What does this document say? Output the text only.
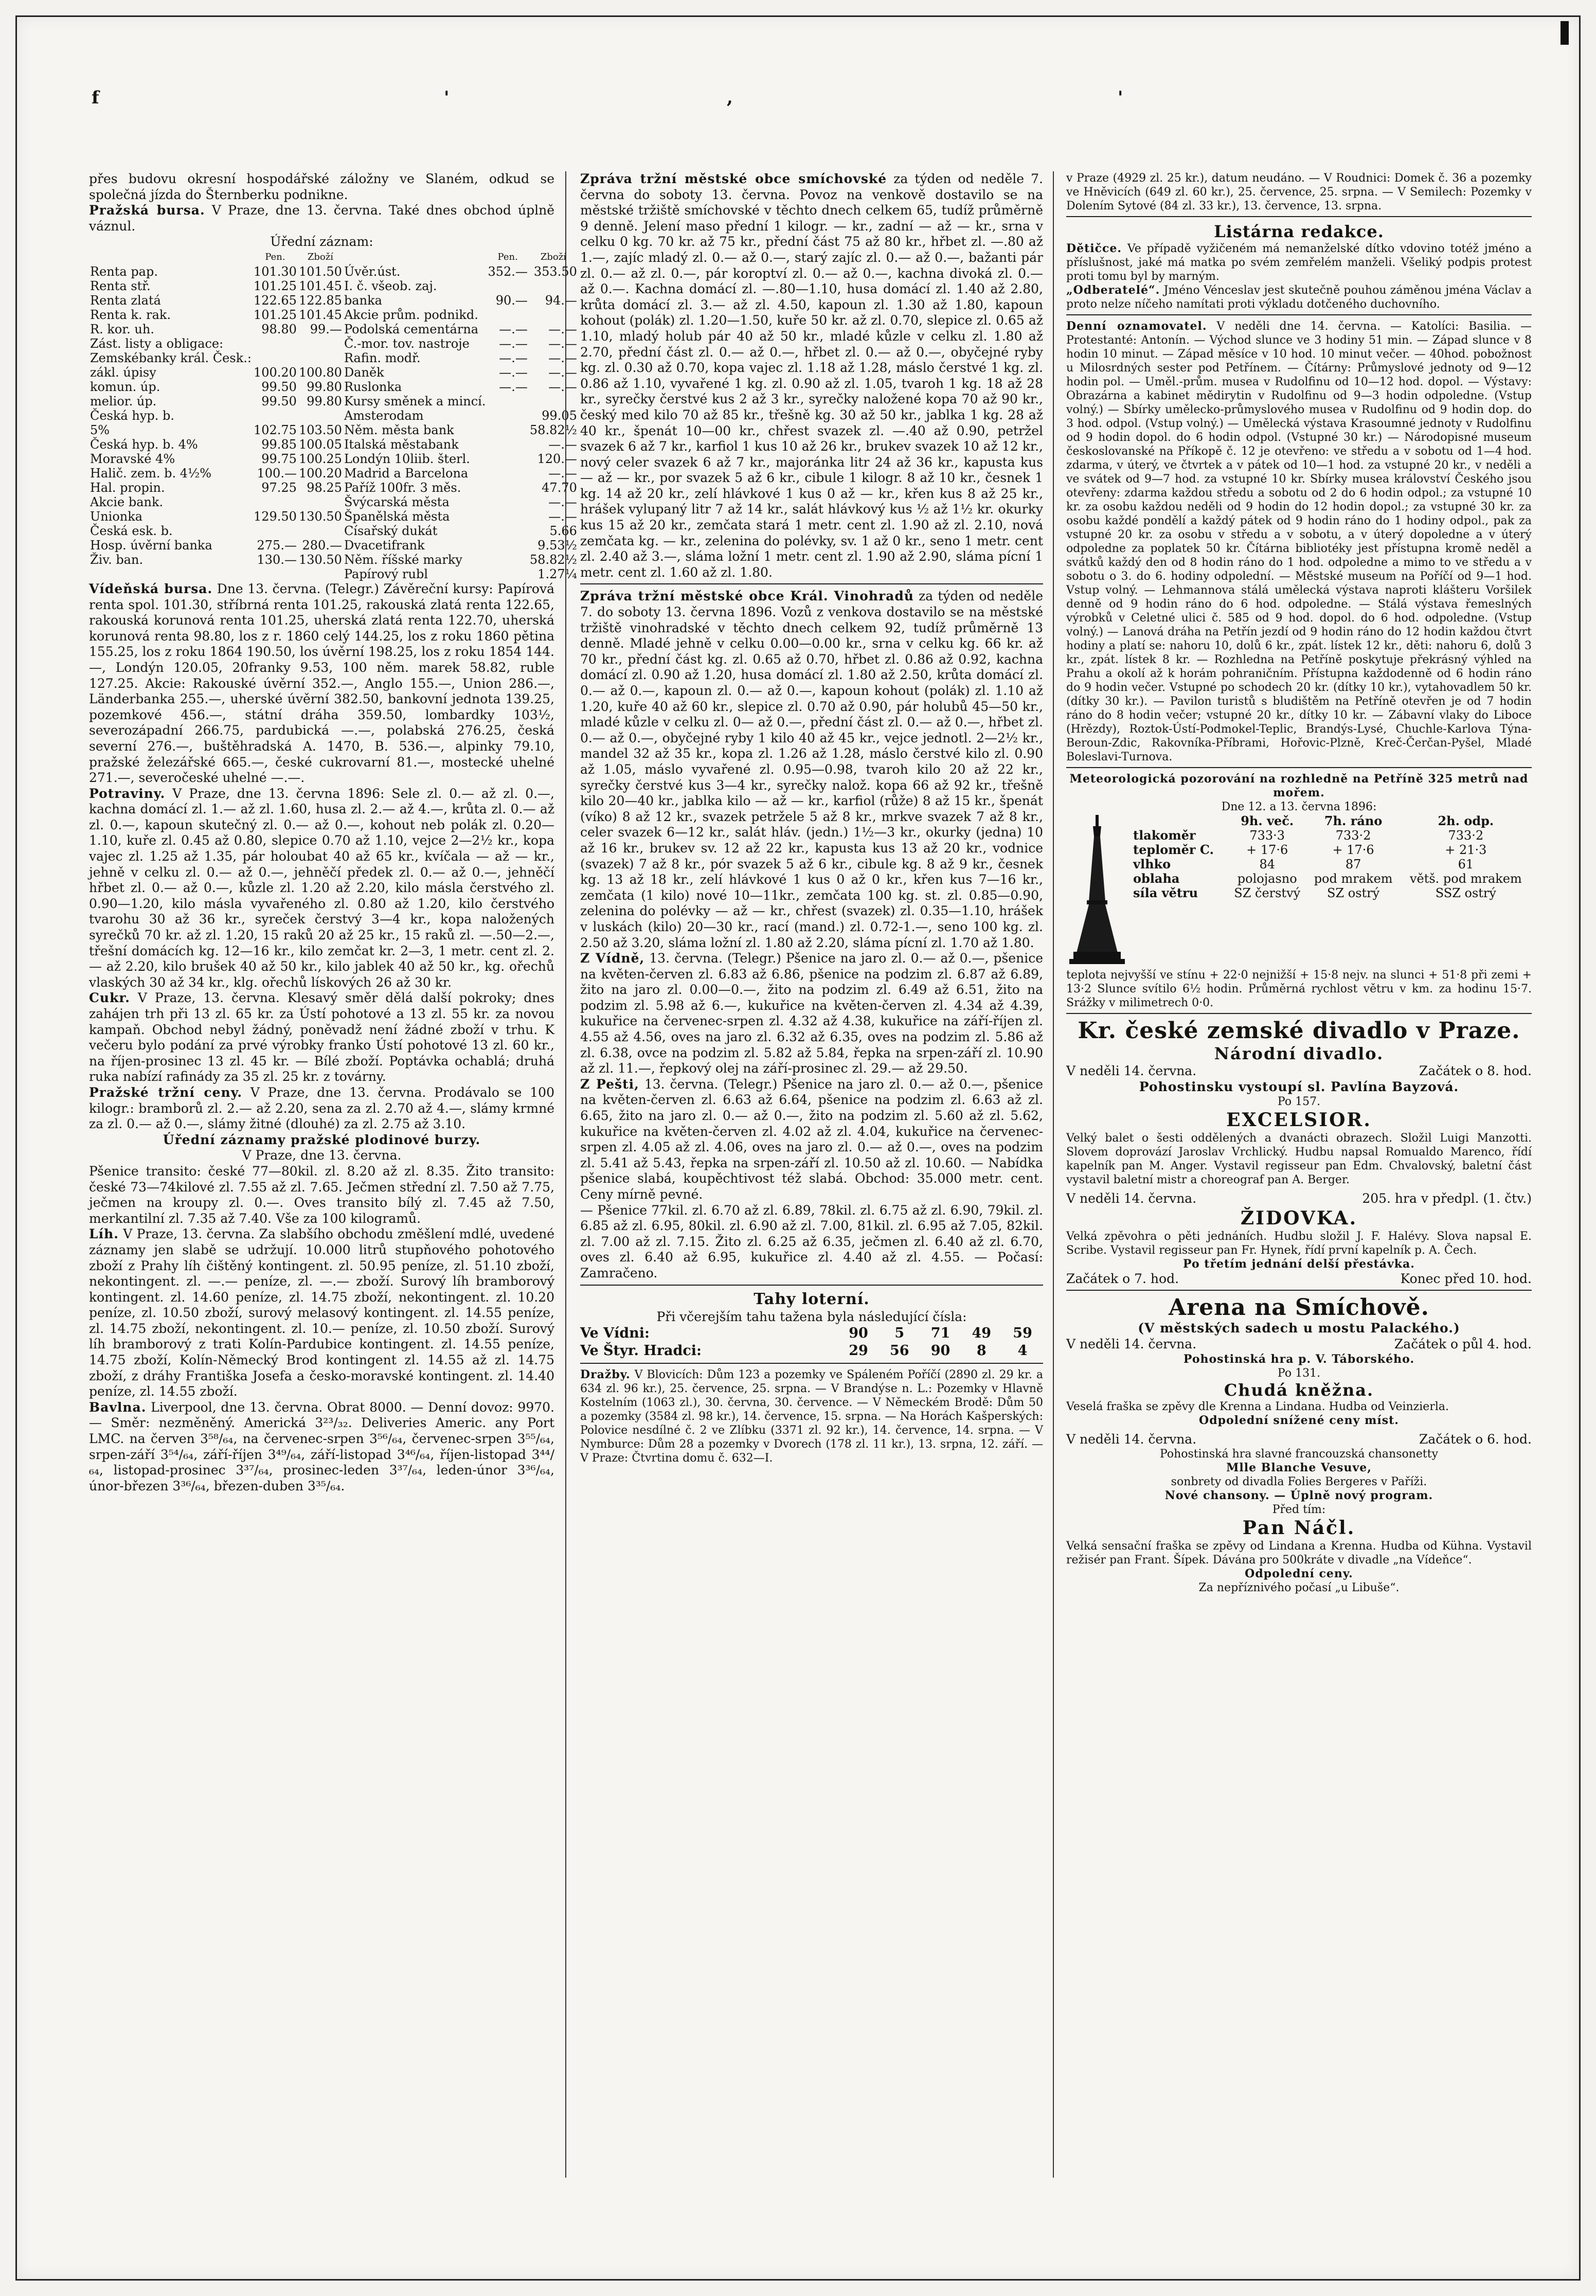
f	'	,	'

přes budovu okresní hospodářské záložny ve Slaném, odkud se společná jízda do Šternberku podnikne.

Pražská bursa. V Praze, dne 13. června. Také dnes obchod úplně váznul.

Úřední záznam:

	Pen.	Zboží		Pen.	Zboží
Renta pap.	101.30	101.50	Úvěr.úst.	352.—	353.50
Renta stř.	101.25	101.45	I. č. všeob. zaj.		
Renta zlatá	122.65	122.85	banka	90.—	94.—
Renta k. rak.	101.25	101.45	Akcie prům. podnikd.		
R. kor. uh.	98.80	99.—	Podolská cementárna	—.—	—.—
Zást. listy a obligace:			Č.-mor. tov. nastroje	—.—	—.—
Zemskébanky král. Česk.:			Rafin. modř.	—.—	—.—
zákl. úpisy	100.20	100.80	Daněk	—.—	—.—
komun. úp.	99.50	99.80	Ruslonka	—.—	—.—
melior. úp.	99.50	99.80	Kursy směnek a mincí.		
Česká hyp. b.			Amsterodam		99.05
5%	102.75	103.50	Něm. města bank		58.82½
Česká hyp. b. 4%	99.85	100.05	Italská městabank		—.—
Moravské 4%	99.75	100.25	Londýn 10liib. šterl.		120.—
Halič. zem. b. 4½%	100.—	100.20	Madrid a Barcelona		—.—
Hal. propin.	97.25	98.25	Paříž 100fr. 3 měs.		47.70
Akcie bank.			Švýcarská města		—.—
Unionka	129.50	130.50	Španělská města		—.—
Česká esk. b.			Císařský dukát		5.66
Hosp. úvěrní banka	275.—	280.—	Dvacetifrank		9.53½
Živ. ban.	130.—	130.50	Něm. říšské marky		58.82½
			Papírový rubl		1.27¼

Vídeňská bursa. Dne 13. června. (Telegr.) Závěreční kursy: Papírová renta spol. 101.30, stříbrná renta 101.25, rakouská zlatá renta 122.65, rakouská korunová renta 101.25, uherská zlatá renta 122.70, uherská korunová renta 98.80, los z r. 1860 celý 144.25, los z roku 1860 pětina 155.25, los z roku 1864 190.50, los úvěrní 198.25, los z roku 1854 144.—, Londýn 120.05, 20franky 9.53, 100 něm. marek 58.82, ruble 127.25. Akcie: Rakouské úvěrní 352.—, Anglo 155.—, Union 286.—, Länderbanka 255.—, uherské úvěrní 382.50, bankovní jednota 139.25, pozemkové 456.—, státní dráha 359.50, lombardky 103½, severozápadní 266.75, pardubická —.—, polabská 276.25, česká severní 276.—, buštěhradská A. 1470, B. 536.—, alpinky 79.10, pražské železářské 665.—, české cukrovarní 81.—, mostecké uhelné 271.—, severočeské uhelné —.—.

Potraviny. V Praze, dne 13. června 1896: Sele zl. 0.— až zl. 0.—, kachna domácí zl. 1.— až zl. 1.60, husa zl. 2.— až 4.—, krůta zl. 0.— až zl. 0.—, kapoun skutečný zl. 0.— až 0.—, kohout neb polák zl. 0.20—1.10, kuře zl. 0.45 až 0.80, slepice 0.70 až 1.10, vejce 2—2½ kr., kopa vajec zl. 1.25 až 1.35, pár holoubat 40 až 65 kr., kvíčala — až — kr., jehně v celku zl. 0.— až 0.—, jehněčí předek zl. 0.— až 0.—, jehněčí hřbet zl. 0.— až 0.—, kůzle zl. 1.20 až 2.20, kilo másla čerstvého zl. 0.90—1.20, kilo másla vyvařeného zl. 0.80 až 1.20, kilo čerstvého tvarohu 30 až 36 kr., syreček čerstvý 3—4 kr., kopa naložených syrečků 70 kr. až zl. 1.20, 15 raků 20 až 25 kr., 15 raků zl. —.50—2.—, třešní domácích kg. 12—16 kr., kilo zemčat kr. 2—3, 1 metr. cent zl. 2.— až 2.20, kilo brušek 40 až 50 kr., kilo jablek 40 až 50 kr., kg. ořechů vlaských 30 až 34 kr., klg. ořechů lískových 26 až 30 kr.

Cukr. V Praze, 13. června. Klesavý směr dělá další pokroky; dnes zahájen trh při 13 zl. 65 kr. za Ústí pohotové a 13 zl. 55 kr. za novou kampaň. Obchod nebyl žádný, poněvadž není žádné zboží v trhu. K večeru bylo podání za prvé výrobky franko Ústí pohotové 13 zl. 60 kr., na říjen-prosinec 13 zl. 45 kr. — Bílé zboží. Poptávka ochablá; druhá ruka nabízí rafinády za 35 zl. 25 kr. z továrny.

Pražské tržní ceny. V Praze, dne 13. června. Prodávalo se 100 kilogr.: bramborů zl. 2.— až 2.20, sena za zl. 2.70 až 4.—, slámy krmné za zl. 0.— až 0.—, slámy žitné (dlouhé) za zl. 2.75 až 3.10.

Úřední záznamy pražské plodinové burzy.

V Praze, dne 13. června.

Pšenice transito: české 77—80kil. zl. 8.20 až zl. 8.35. Žito transito: české 73—74kilové zl. 7.55 až zl. 7.65. Ječmen střední zl. 7.50 až 7.75, ječmen na kroupy zl. 0.—. Oves transito bílý zl. 7.45 až 7.50, merkantilní zl. 7.35 až 7.40. Vše za 100 kilogramů.

Líh. V Praze, 13. června. Za slabšího obchodu změšlení mdlé, uvedené záznamy jen slabě se udržují. 10.000 litrů stupňového pohotového zboží z Prahy líh čištěný kontingent. zl. 50.95 peníze, zl. 51.10 zboží, nekontingent. zl. —.— peníze, zl. —.— zboží. Surový líh bramborový kontingent. zl. 14.60 peníze, zl. 14.75 zboží, nekontingent. zl. 10.20 peníze, zl. 10.50 zboží, surový melasový kontingent. zl. 14.55 peníze, zl. 14.75 zboží, nekontingent. zl. 10.— peníze, zl. 10.50 zboží. Surový líh bramborový z trati Kolín-Pardubice kontingent. zl. 14.55 peníze, 14.75 zboží, Kolín-Německý Brod kontingent zl. 14.55 až zl. 14.75 zboží, z dráhy Františka Josefa a česko-moravské kontingent. zl. 14.40 peníze, zl. 14.55 zboží.

Bavlna. Liverpool, dne 13. června. Obrat 8000. — Denní dovoz: 9970. — Směr: nezměněný. Americká 3²³/₃₂. Deliveries Americ. any Port LMC. na červen 3⁵⁸/₆₄, na červenec-srpen 3⁵⁶/₆₄, červenec-srpen 3⁵⁵/₆₄, srpen-září 3⁵⁴/₆₄, září-říjen 3⁴⁹/₆₄, září-listopad 3⁴⁶/₆₄, říjen-listopad 3⁴⁴/₆₄, listopad-prosinec 3³⁷/₆₄, prosinec-leden 3³⁷/₆₄, leden-únor 3³⁶/₆₄, únor-březen 3³⁶/₆₄, březen-duben 3³⁵/₆₄.

Zpráva tržní městské obce smíchovské za týden od neděle 7. června do soboty 13. června. Povoz na venkově dostavilo se na městské tržiště smíchovské v těchto dnech celkem 65, tudíž průměrně 9 denně. Jelení maso přední 1 kilogr. — kr., zadní — až — kr., srna v celku 0 kg. 70 kr. až 75 kr., přední část 75 až 80 kr., hřbet zl. —.80 až 1.—, zajíc mladý zl. 0.— až 0.—, starý zajíc zl. 0.— až 0.—, bažanti pár zl. 0.— až zl. 0.—, pár koroptví zl. 0.— až 0.—, kachna divoká zl. 0.— až 0.—. Kachna domácí zl. —.80—1.10, husa domácí zl. 1.40 až 2.80, krůta domácí zl. 3.— až zl. 4.50, kapoun zl. 1.30 až 1.80, kapoun kohout (polák) zl. 1.20—1.50, kuře 50 kr. až zl. 0.70, slepice zl. 0.65 až 1.10, mladý holub pár 40 až 50 kr., mladé kůzle v celku zl. 1.80 až 2.70, přední část zl. 0.— až 0.—, hřbet zl. 0.— až 0.—, obyčejné ryby kg. zl. 0.30 až 0.70, kopa vajec zl. 1.18 až 1.28, máslo čerstvé 1 kg. zl. 0.86 až 1.10, vyvařené 1 kg. zl. 0.90 až zl. 1.05, tvaroh 1 kg. 18 až 28 kr., syrečky čerstvé kus 2 až 3 kr., syrečky naložené kopa 70 až 90 kr., český med kilo 70 až 85 kr., třešně kg. 30 až 50 kr., jablka 1 kg. 28 až 40 kr., špenát 10—00 kr., chřest svazek zl. —.40 až 0.90, petržel svazek 6 až 7 kr., karfiol 1 kus 10 až 26 kr., brukev svazek 10 až 12 kr., nový celer svazek 6 až 7 kr., majoránka litr 24 až 36 kr., kapusta kus — až — kr., por svazek 5 až 6 kr., cibule 1 kilogr. 8 až 10 kr., česnek 1 kg. 14 až 20 kr., zelí hlávkové 1 kus 0 až — kr., křen kus 8 až 25 kr., hrášek vylupaný litr 7 až 14 kr., salát hlávkový kus ½ až 1½ kr. okurky kus 15 až 20 kr., zemčata stará 1 metr. cent zl. 1.90 až zl. 2.10, nová zemčata kg. — kr., zelenina do polévky, sv. 1 až 0 kr., seno 1 metr. cent zl. 2.40 až 3.—, sláma ložní 1 metr. cent zl. 1.90 až 2.90, sláma pícní 1 metr. cent zl. 1.60 až zl. 1.80.

Zpráva tržní městské obce Král. Vinohradů za týden od neděle 7. do soboty 13. června 1896. Vozů z venkova dostavilo se na městské tržiště vinohradské v těchto dnech celkem 92, tudíž průměrně 13 denně. Mladé jehně v celku 0.00—0.00 kr., srna v celku kg. 66 kr. až 70 kr., přední část kg. zl. 0.65 až 0.70, hřbet zl. 0.86 až 0.92, kachna domácí zl. 0.90 až 1.20, husa domácí zl. 1.80 až 2.50, krůta domácí zl. 0.— až 0.—, kapoun zl. 0.— až 0.—, kapoun kohout (polák) zl. 1.10 až 1.20, kuře 40 až 60 kr., slepice zl. 0.70 až 0.90, pár holubů 45—50 kr., mladé kůzle v celku zl. 0— až 0.—, přední část zl. 0.— až 0.—, hřbet zl. 0.— až 0.—, obyčejné ryby 1 kilo 40 až 45 kr., vejce jednotl. 2—2½ kr., mandel 32 až 35 kr., kopa zl. 1.26 až 1.28, máslo čerstvé kilo zl. 0.90 až 1.05, máslo vyvařené zl. 0.95—0.98, tvaroh kilo 20 až 22 kr., syrečky čerstvé kus 3—4 kr., syrečky nalož. kopa 66 až 92 kr., třešně kilo 20—40 kr., jablka kilo — až — kr., karfiol (růže) 8 až 15 kr., špenát (víko) 8 až 12 kr., svazek petržele 5 až 8 kr., mrkve svazek 7 až 8 kr., celer svazek 6—12 kr., salát hláv. (jedn.) 1½—3 kr., okurky (jedna) 10 až 16 kr., brukev sv. 12 až 22 kr., kapusta kus 13 až 20 kr., vodnice (svazek) 7 až 8 kr., pór svazek 5 až 6 kr., cibule kg. 8 až 9 kr., česnek kg. 13 až 18 kr., zelí hlávkové 1 kus 0 až 0 kr., křen kus 7—16 kr., zemčata (1 kilo) nové 10—11kr., zemčata 100 kg. st. zl. 0.85—0.90, zelenina do polévky — až — kr., chřest (svazek) zl. 0.35—1.10, hrášek v luskách (kilo) 20—30 kr., rací (mand.) zl. 0.72-1.—, seno 100 kg. zl. 2.50 až 3.20, sláma ložní zl. 1.80 až 2.20, sláma pícní zl. 1.70 až 1.80.

Z Vídně, 13. června. (Telegr.) Pšenice na jaro zl. 0.— až 0.—, pšenice na květen-červen zl. 6.83 až 6.86, pšenice na podzim zl. 6.87 až 6.89, žito na jaro zl. 0.00—0.—, žito na podzim zl. 6.49 až 6.51, žito na podzim zl. 5.98 až 6.—, kukuřice na květen-červen zl. 4.34 až 4.39, kukuřice na červenec-srpen zl. 4.32 až 4.38, kukuřice na září-říjen zl. 4.55 až 4.56, oves na jaro zl. 6.32 až 6.35, oves na podzim zl. 5.86 až zl. 6.38, ovce na podzim zl. 5.82 až 5.84, řepka na srpen-září zl. 10.90 až zl. 11.—, řepkový olej na září-prosinec zl. 29.— až 29.50.

Z Pešti, 13. června. (Telegr.) Pšenice na jaro zl. 0.— až 0.—, pšenice na květen-červen zl. 6.63 až 6.64, pšenice na podzim zl. 6.63 až zl. 6.65, žito na jaro zl. 0.— až 0.—, žito na podzim zl. 5.60 až zl. 5.62, kukuřice na květen-červen zl. 4.02 až zl. 4.04, kukuřice na červenec-srpen zl. 4.05 až zl. 4.06, oves na jaro zl. 0.— až 0.—, oves na podzim zl. 5.41 až 5.43, řepka na srpen-září zl. 10.50 až zl. 10.60. — Nabídka pšenice slabá, koupěchtivost též slabá. Obchod: 35.000 metr. cent. Ceny mírně pevné.

— Pšenice 77kil. zl. 6.70 až zl. 6.89, 78kil. zl. 6.75 až zl. 6.90, 79kil. zl. 6.85 až zl. 6.95, 80kil. zl. 6.90 až zl. 7.00, 81kil. zl. 6.95 až 7.05, 82kil. zl. 7.00 až zl. 7.15. Žito zl. 6.25 až 6.35, ječmen zl. 6.40 až zl. 6.70, oves zl. 6.40 až 6.95, kukuřice zl. 4.40 až zl. 4.55. — Počasí: Zamračeno.

Tahy loterní.

Při včerejším tahu tažena byla následující čísla:

Ve Vídni:	90	5	71	49	59
Ve Štyr. Hradci:	29	56	90	8	4

Dražby. V Blovicích: Dům 123 a pozemky ve Spáleném Poříčí (2890 zl. 29 kr. a 634 zl. 96 kr.), 25. července, 25. srpna. — V Brandýse n. L.: Pozemky v Hlavně Kostelním (1063 zl.), 30. června, 30. července. — V Německém Brodě: Dům 50 a pozemky (3584 zl. 98 kr.), 14. července, 15. srpna. — Na Horách Kašperských: Polovice nesdílné č. 2 ve Zlíbku (3371 zl. 92 kr.), 14. července, 14. srpna. — V Nymburce: Dům 28 a pozemky v Dvorech (178 zl. 11 kr.), 13. srpna, 12. září. — V Praze: Čtvrtina domu č. 632—I.

v Praze (4929 zl. 25 kr.), datum neudáno. — V Roudnici: Domek č. 36 a pozemky ve Hněvicích (649 zl. 60 kr.), 25. července, 25. srpna. — V Semilech: Pozemky v Dolením Sytové (84 zl. 33 kr.), 13. července, 13. srpna.

Listárna redakce.

Dětičce. Ve případě vyžičeném má nemanželské dítko vdovino totéž jméno a příslušnost, jaké má matka po svém zemřelém manželi. Všeliký podpis protest proti tomu byl by marným.

„Odberatelé“. Jméno Vénceslav jest skutečně pouhou záměnou jména Václav a proto nelze níčeho namítati proti výkladu dotčeného duchovního.

Denní oznamovatel. V neděli dne 14. června. — Katolíci: Basilia. — Protestanté: Antonín. — Východ slunce ve 3 hodiny 51 min. — Západ slunce v 8 hodin 10 minut. — Západ měsíce v 10 hod. 10 minut večer. — 40hod. pobožnost u Milosrdných sester pod Petřínem. — Čítárny: Průmyslové jednoty od 9—12 hodin pol. — Uměl.-prům. musea v Rudolfinu od 10—12 hod. dopol. — Výstavy: Obrazárna a kabinet mědirytin v Rudolfinu od 9—3 hodin odpoledne. (Vstup volný.) — Sbírky umělecko-průmyslového musea v Rudolfinu od 9 hodin dop. do 3 hod. odpol. (Vstup volný.) — Umělecká výstava Krasoumné jednoty v Rudolfinu od 9 hodin dopol. do 6 hodin odpol. (Vstupné 30 kr.) — Národopisné museum českoslovanské na Příkopě č. 12 je otevřeno: ve středu a v sobotu od 1—4 hod. zdarma, v úterý, ve čtvrtek a v pátek od 10—1 hod. za vstupné 20 kr., v neděli a ve svátek od 9—7 hod. za vstupné 10 kr. Sbírky musea království Českého jsou otevřeny: zdarma každou středu a sobotu od 2 do 6 hodin odpol.; za vstupné 10 kr. za osobu každou neděli od 9 hodin do 12 hodin dopol.; za vstupné 30 kr. za osobu každé pondělí a každý pátek od 9 hodin ráno do 1 hodiny odpol., pak za vstupné 20 kr. za osobu v středu a v sobotu, a v úterý dopoledne a v úterý odpoledne za poplatek 50 kr. Čítárna bibliotéky jest přístupna kromě neděl a svátků každý den od 8 hodin ráno do 1 hod. odpoledne a mimo to ve středu a v sobotu o 3. do 6. hodiny odpolední. — Městské museum na Poříčí od 9—1 hod. Vstup volný. — Lehmannova stálá umělecká výstava naproti klášteru Voršilek denně od 9 hodin ráno do 6 hod. odpoledne. — Stálá výstava řemeslných výrobků v Celetné ulici č. 585 od 9 hod. dopol. do 6 hod. odpoledne. (Vstup volný.) — Lanová dráha na Petřín jezdí od 9 hodin ráno do 12 hodin každou čtvrt hodiny a platí se: nahoru 10, dolů 6 kr., zpát. lístek 12 kr., děti: nahoru 6, dolů 3 kr., zpát. lístek 8 kr. — Rozhledna na Petříně poskytuje překrásný výhled na Prahu a okolí až k horám pohraničním. Přístupna každodenně od 6 hodin ráno do 9 hodin večer. Vstupné po schodech 20 kr. (dítky 10 kr.), vytahovadlem 50 kr. (dítky 30 kr.). — Pavilon turistů s bludištěm na Petříně otevřen je od 7 hodin ráno do 8 hodin večer; vstupné 20 kr., dítky 10 kr. — Zábavní vlaky do Liboce (Hrězdy), Roztok-Ústí-Podmokel-Teplic, Brandýs-Lysé, Chuchle-Karlova Týna-Beroun-Zdic, Rakovníka-Příbrami, Hořovic-Plzně, Kreč-Čerčan-Pyšel, Mladé Boleslavi-Turnova.

Meteorologická pozorování na rozhledně na Petříně 325 metrů nad mořem.

Dne 12. a 13. června 1896:

	9h. več.	7h. ráno	2h. odp.
tlakoměr	733·3	733·2	733·2
teploměr C.	+ 17·6	+ 17·6	+ 21·3
vlhko	84	87	61
oblaha	polojasno	pod mrakem	větš. pod mrakem
síla větru	SZ čerstvý	SZ ostrý	SSZ ostrý

teplota nejvyšší ve stínu + 22·0 nejnižší + 15·8 nejv. na slunci + 51·8 při zemi + 13·2 Slunce svítilo 6½ hodin. Průměrná rychlost větru v km. za hodinu 15·7. Srážky v milimetrech 0·0.

Kr. české zemské divadlo v Praze.

Národní divadlo.

V neděli 14. června.	Začátek o 8. hod.

Pohostinsku vystoupí sl. Pavlína Bayzová.

Po 157.

EXCELSIOR.

Velký balet o šesti oddělených a dvanácti obrazech. Složil Luigi Manzotti. Slovem doprovází Jaroslav Vrchlický. Hudbu napsal Romualdo Marenco, řídí kapelník pan M. Anger. Vystavil regisseur pan Edm. Chvalovský, baletní část vystavil baletní mistr a choreograf pan A. Berger.

V neděli 14. června.	205. hra v předpl. (1. čtv.)

ŽIDOVKA.

Velká zpěvohra o pěti jednáních. Hudbu složil J. F. Halévy. Slova napsal E. Scribe. Vystavil regisseur pan Fr. Hynek, řídí první kapelník p. A. Čech.

Po třetím jednání delší přestávka.

Začátek o 7. hod.	Konec před 10. hod.

Arena na Smíchově.

(V městských sadech u mostu Palackého.)

V neděli 14. června.	Začátek o půl 4. hod.

Pohostinská hra p. V. Táborského.

Po 131.

Chudá kněžna.

Veselá fraška se zpěvy dle Krenna a Lindana. Hudba od Veinzierla.

Odpolední snížené ceny míst.

V neděli 14. června.	Začátek o 6. hod.

Pohostinská hra slavné francouzská chansonetty

Mlle Blanche Vesuve,

sonbrety od divadla Folies Bergeres v Paříži.

Nové chansony. — Úplně nový program.

Před tím:

Pan Náčl.

Velká sensační fraška se zpěvy od Lindana a Krenna. Hudba od Kühna. Vystavil režisér pan Frant. Šípek. Dávána pro 500kráte v divadle „na Vídeňce“.

Odpolední ceny.

Za nepříznivého počasí „u Libuše“.
